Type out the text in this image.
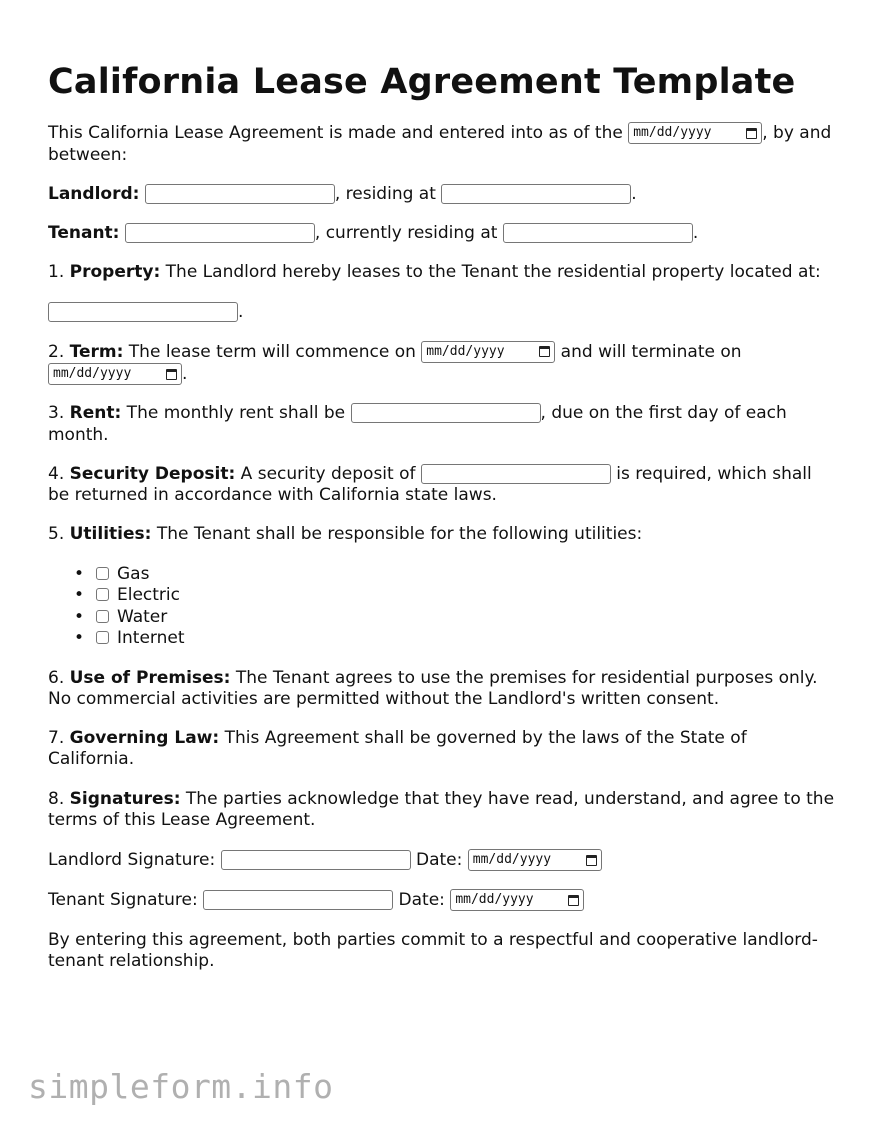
California Lease Agreement Template

This California Lease Agreement is made and entered into as of the mm/dd/yyyy	, by and between:

Landlord:	, residing at	.

Tenant:	, currently residing at	.

1. Property: The Landlord hereby leases to the Tenant the residential property located at:

.

2. Term: The lease term will commence on mm/dd/yyyy	and will terminate on
mm/dd/yyyy	.

3. Rent: The monthly rent shall be	, due on the first day of each month.

4. Security Deposit: A security deposit of	is required, which shall be returned in accordance with California state laws.

5. Utilities: The Tenant shall be responsible for the following utilities:

• Gas
• Electric
• Water
• Internet

6. Use of Premises: The Tenant agrees to use the premises for residential purposes only. No commercial activities are permitted without the Landlord's written consent.

7. Governing Law: This Agreement shall be governed by the laws of the State of California.

8. Signatures: The parties acknowledge that they have read, understand, and agree to the terms of this Lease Agreement.

Landlord Signature:	Date: mm/dd/yyyy

Tenant Signature:	Date: mm/dd/yyyy

By entering this agreement, both parties commit to a respectful and cooperative landlord-tenant relationship.

simpleform.info
